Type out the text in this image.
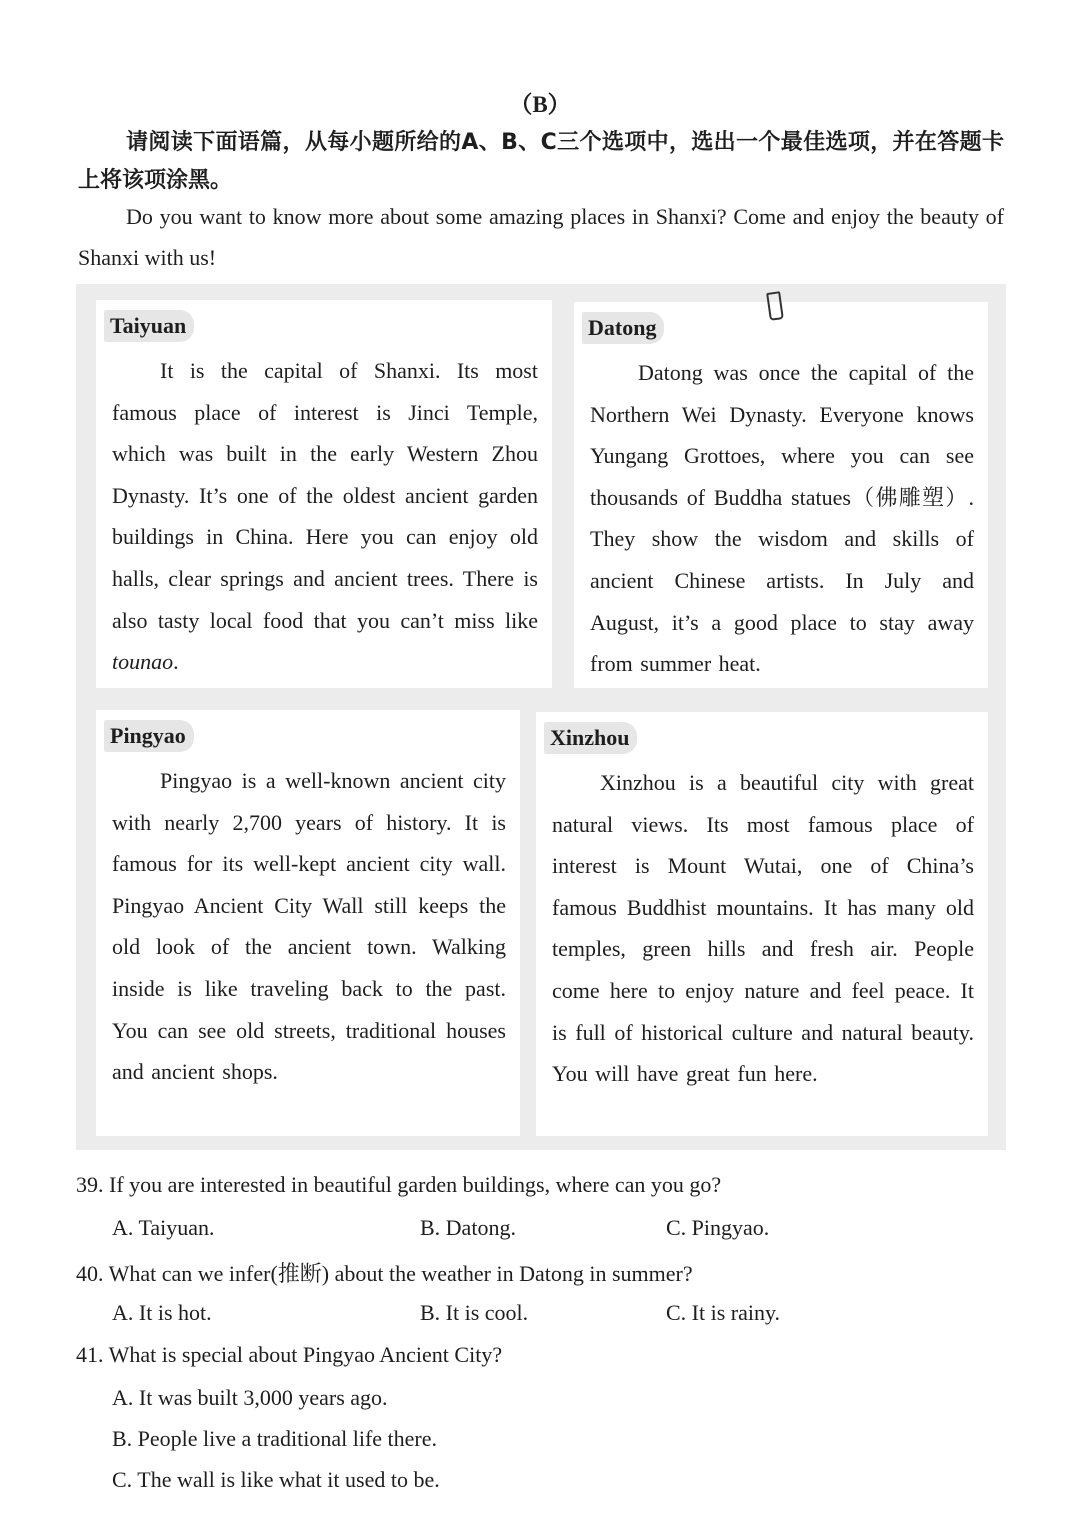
（B）
请阅读下面语篇，从每小题所给的A、B、C三个选项中，选出一个最佳选项，并在答题卡上将该项涂黑。
Do you want to know more about some amazing places in Shanxi? Come and enjoy the beauty of Shanxi with us!
Taiyuan
It is the capital of Shanxi. Its most famous place of interest is Jinci Temple, which was built in the early Western Zhou Dynasty. It’s one of the oldest ancient garden buildings in China. Here you can enjoy old halls, clear springs and ancient trees. There is also tasty local food that you can’t miss like tounao.
Datong
Datong was once the capital of the Northern Wei Dynasty. Everyone knows Yungang Grottoes, where you can see thousands of Buddha statues（佛雕塑）. They show the wisdom and skills of ancient Chinese artists. In July and August, it’s a good place to stay away from summer heat.
Pingyao
Pingyao is a well-known ancient city with nearly 2,700 years of history. It is famous for its well-kept ancient city wall. Pingyao Ancient City Wall still keeps the old look of the ancient town. Walking inside is like traveling back to the past. You can see old streets, traditional houses and ancient shops.
Xinzhou
Xinzhou is a beautiful city with great natural views. Its most famous place of interest is Mount Wutai, one of China’s famous Buddhist mountains. It has many old temples, green hills and fresh air. People come here to enjoy nature and feel peace. It is full of historical culture and natural beauty. You will have great fun here.
39. If you are interested in beautiful garden buildings, where can you go?
A. Taiyuan.	B. Datong.	C. Pingyao.
40. What can we infer(推断) about the weather in Datong in summer?
A. It is hot.	B. It is cool.	C. It is rainy.
41. What is special about Pingyao Ancient City?
A. It was built 3,000 years ago.
B. People live a traditional life there.
C. The wall is like what it used to be.
